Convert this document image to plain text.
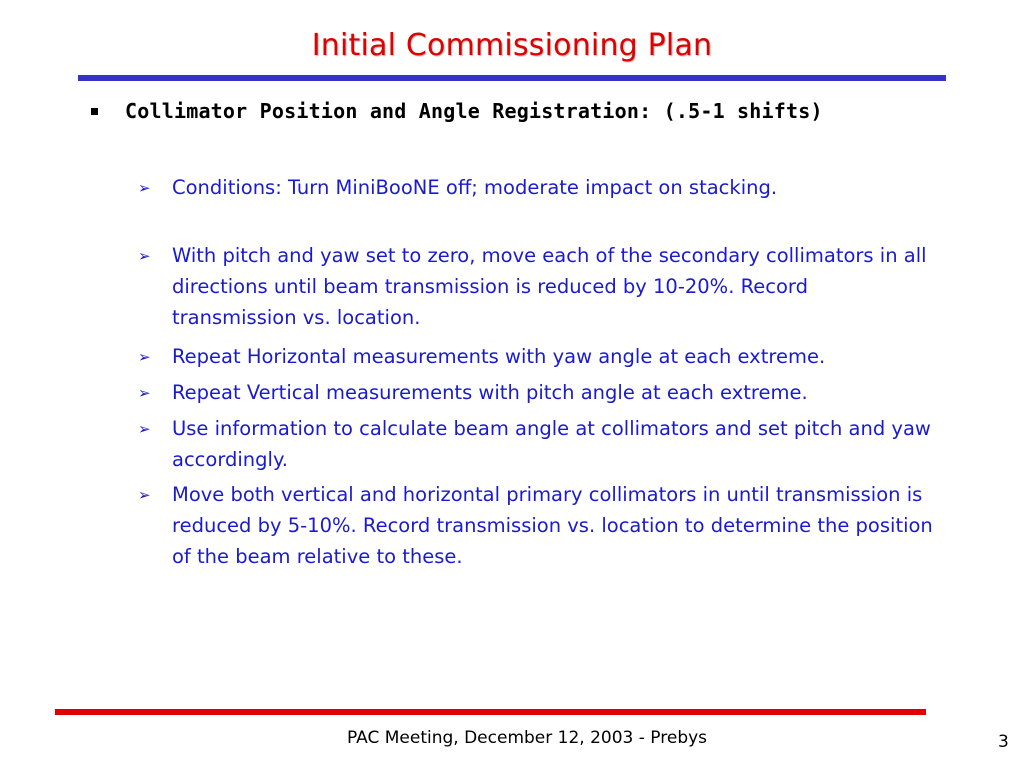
Initial Commissioning Plan
Collimator Position and Angle Registration: (.5-1 shifts)
➢	Conditions: Turn MiniBooNE off; moderate impact on stacking.
➢	With pitch and yaw set to zero, move each of the secondary collimators in all directions until beam transmission is reduced by 10-20%. Record transmission vs. location.
➢	Repeat Horizontal measurements with yaw angle at each extreme.
➢	Repeat Vertical measurements with pitch angle at each extreme.
➢	Use information to calculate beam angle at collimators and set pitch and yaw accordingly.
➢	Move both vertical and horizontal primary collimators in until transmission is reduced by 5-10%. Record transmission vs. location to determine the position of the beam relative to these.
PAC Meeting, December 12, 2003 - Prebys	3
